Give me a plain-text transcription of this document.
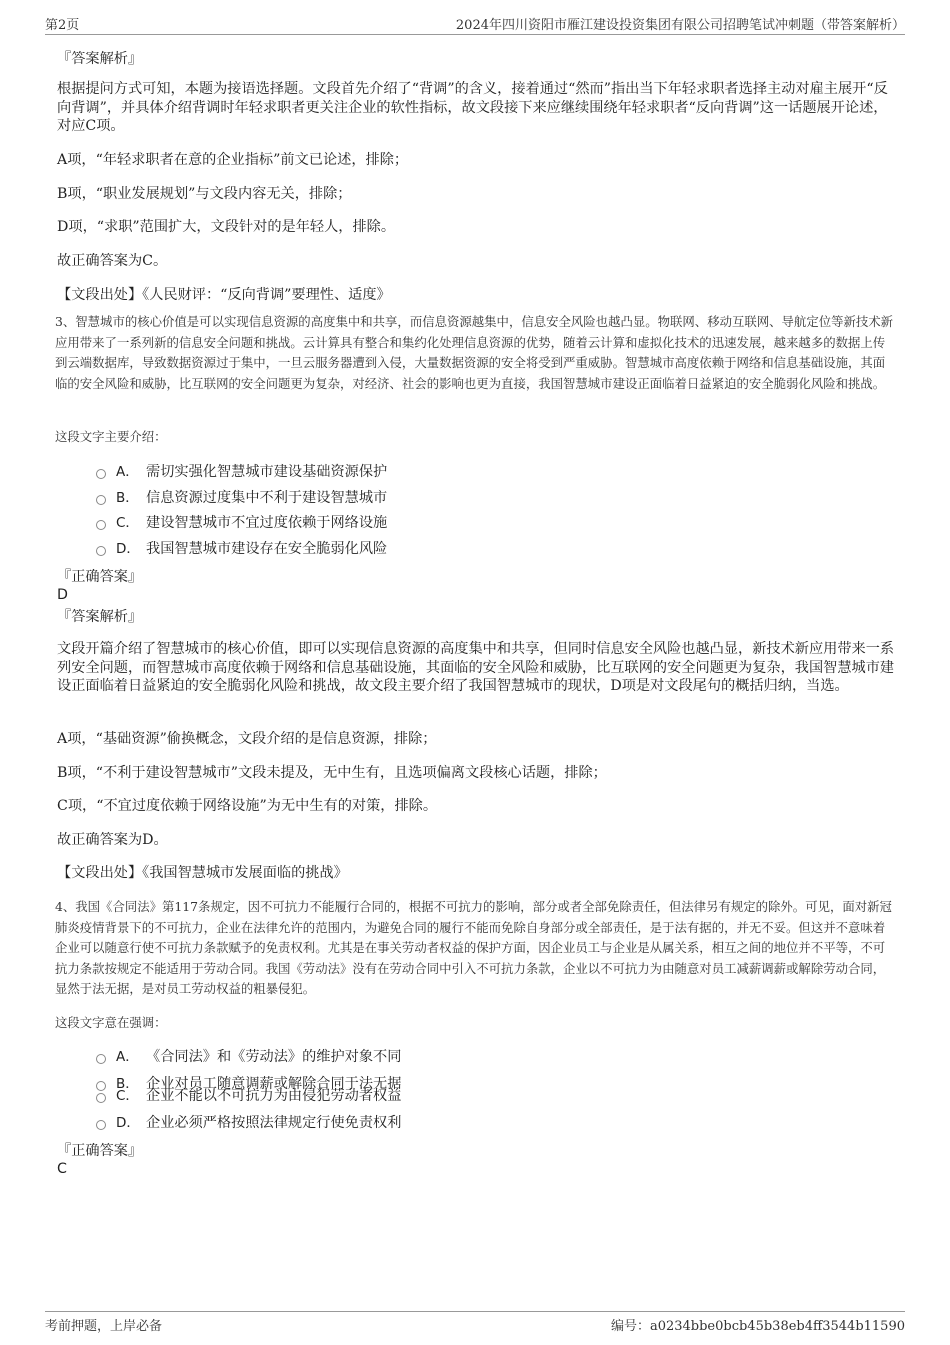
第2页	2024年四川资阳市雁江建设投资集团有限公司招聘笔试冲刺题（带答案解析）

『答案解析』

根据提问方式可知，本题为接语选择题。文段首先介绍了“背调”的含义，接着通过“然而”指出当下年轻求职者选择主动对雇主展开“反向背调”，并具体介绍背调时年轻求职者更关注企业的软性指标，故文段接下来应继续围绕年轻求职者“反向背调”这一话题展开论述，对应C项。

A项，“年轻求职者在意的企业指标”前文已论述，排除；

B项，“职业发展规划”与文段内容无关，排除；

D项，“求职”范围扩大，文段针对的是年轻人，排除。

故正确答案为C。

【文段出处】《人民财评：“反向背调”要理性、适度》

3、智慧城市的核心价值是可以实现信息资源的高度集中和共享，而信息资源越集中，信息安全风险也越凸显。物联网、移动互联网、导航定位等新技术新应用带来了一系列新的信息安全问题和挑战。云计算具有整合和集约化处理信息资源的优势，随着云计算和虚拟化技术的迅速发展，越来越多的数据上传到云端数据库，导致数据资源过于集中，一旦云服务器遭到入侵，大量数据资源的安全将受到严重威胁。智慧城市高度依赖于网络和信息基础设施，其面临的安全风险和威胁，比互联网的安全问题更为复杂，对经济、社会的影响也更为直接，我国智慧城市建设正面临着日益紧迫的安全脆弱化风险和挑战。

这段文字主要介绍：

A． 需切实强化智慧城市建设基础资源保护
B． 信息资源过度集中不利于建设智慧城市
C． 建设智慧城市不宜过度依赖于网络设施
D． 我国智慧城市建设存在安全脆弱化风险

『正确答案』

D

『答案解析』

文段开篇介绍了智慧城市的核心价值，即可以实现信息资源的高度集中和共享，但同时信息安全风险也越凸显，新技术新应用带来一系列安全问题，而智慧城市高度依赖于网络和信息基础设施，其面临的安全风险和威胁，比互联网的安全问题更为复杂，我国智慧城市建设正面临着日益紧迫的安全脆弱化风险和挑战，故文段主要介绍了我国智慧城市的现状，D项是对文段尾句的概括归纳，当选。

A项，“基础资源”偷换概念，文段介绍的是信息资源，排除；

B项，“不利于建设智慧城市”文段未提及，无中生有，且选项偏离文段核心话题，排除；

C项，“不宜过度依赖于网络设施”为无中生有的对策，排除。

故正确答案为D。

【文段出处】《我国智慧城市发展面临的挑战》

4、我国《合同法》第117条规定，因不可抗力不能履行合同的，根据不可抗力的影响，部分或者全部免除责任，但法律另有规定的除外。可见，面对新冠肺炎疫情背景下的不可抗力，企业在法律允许的范围内，为避免合同的履行不能而免除自身部分或全部责任，是于法有据的，并无不妥。但这并不意味着企业可以随意行使不可抗力条款赋予的免责权利。尤其是在事关劳动者权益的保护方面，因企业员工与企业是从属关系，相互之间的地位并不平等，不可抗力条款按规定不能适用于劳动合同。我国《劳动法》没有在劳动合同中引入不可抗力条款，企业以不可抗力为由随意对员工减薪调薪或解除劳动合同，显然于法无据，是对员工劳动权益的粗暴侵犯。

这段文字意在强调：

A． 《合同法》和《劳动法》的维护对象不同
B． 企业对员工随意调薪或解除合同于法无据
C． 企业不能以不可抗力为由侵犯劳动者权益
D． 企业必须严格按照法律规定行使免责权利

『正确答案』

C

考前押题，上岸必备	编号：a0234bbe0bcb45b38eb4ff3544b11590
